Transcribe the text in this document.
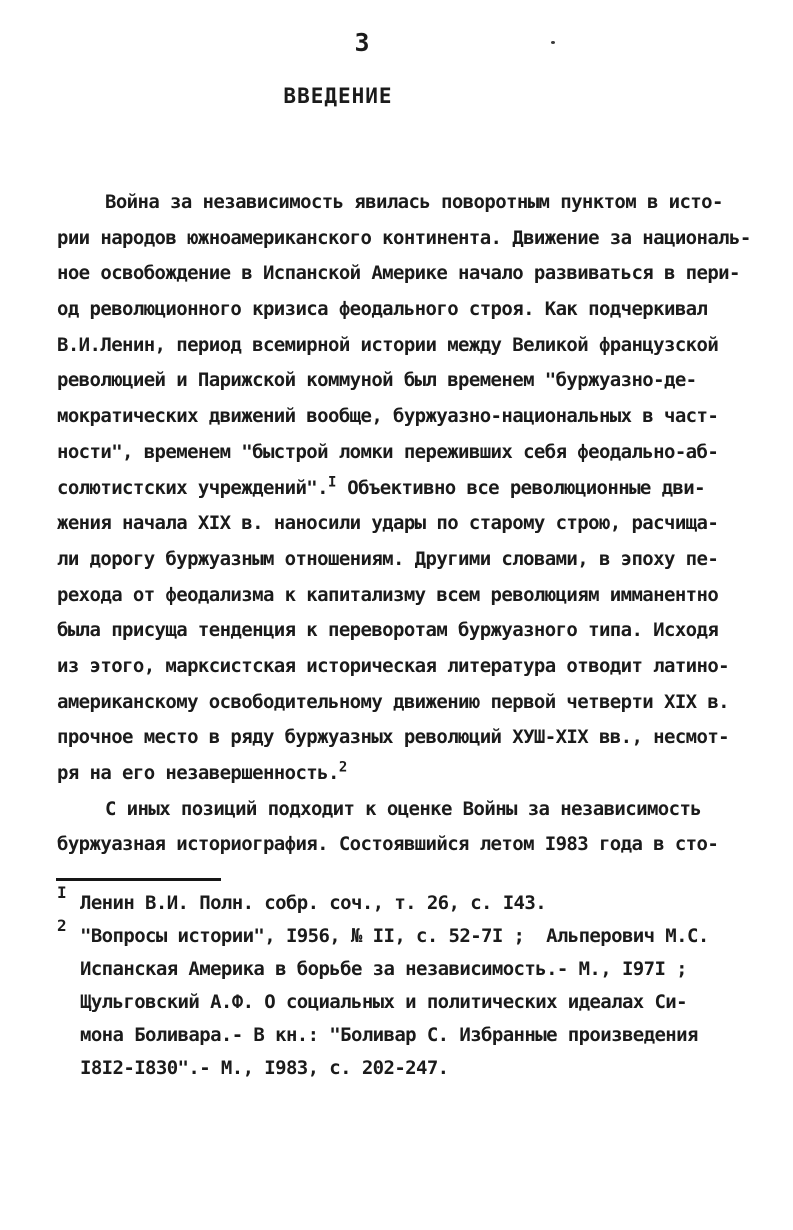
3
ВВЕДЕНИЕ
Война за независимость явилась поворотным пунктом в исто-
рии народов южноамериканского континента. Движение за националь-
ное освобождение в Испанской Америке начало развиваться в пери-
од революционного кризиса феодального строя. Как подчеркивал
В.И.Ленин, период всемирной истории между Великой французской
революцией и Парижской коммуной был временем "буржуазно-де-
мократических движений вообще, буржуазно-национальных в част-
ности", временем "быстрой ломки переживших себя феодально-аб-
солютистских учреждений".$^I$ Объективно все революционные дви-
жения начала XIX в. наносили удары по старому строю, расчища-
ли дорогу буржуазным отношениям. Другими словами, в эпоху пе-
рехода от феодализма к капитализму всем революциям имманентно
была присуща тенденция к переворотам буржуазного типа. Исходя
из этого, марксистская историческая литература отводит латино-
американскому освободительному движению первой четверти XIX в.
прочное место в ряду буржуазных революций ХУШ-XIX вв., несмот-
ря на его незавершенность.$^2$
С иных позиций подходит к оценке Войны за независимость
буржуазная историография. Состоявшийся летом I983 года в сто-
I Ленин В.И. Полн. собр. соч., т. 26, с. I43.
2 "Вопросы истории", I956, № II, с. 52-7I ;  Альперович М.С.
Испанская Америка в борьбе за независимость.- М., I97I ;
Щульговский А.Ф. О социальных и политических идеалах Си-
мона Боливара.- В кн.: "Боливар С. Избранные произведения
I8I2-I830".- М., I983, с. 202-247.
